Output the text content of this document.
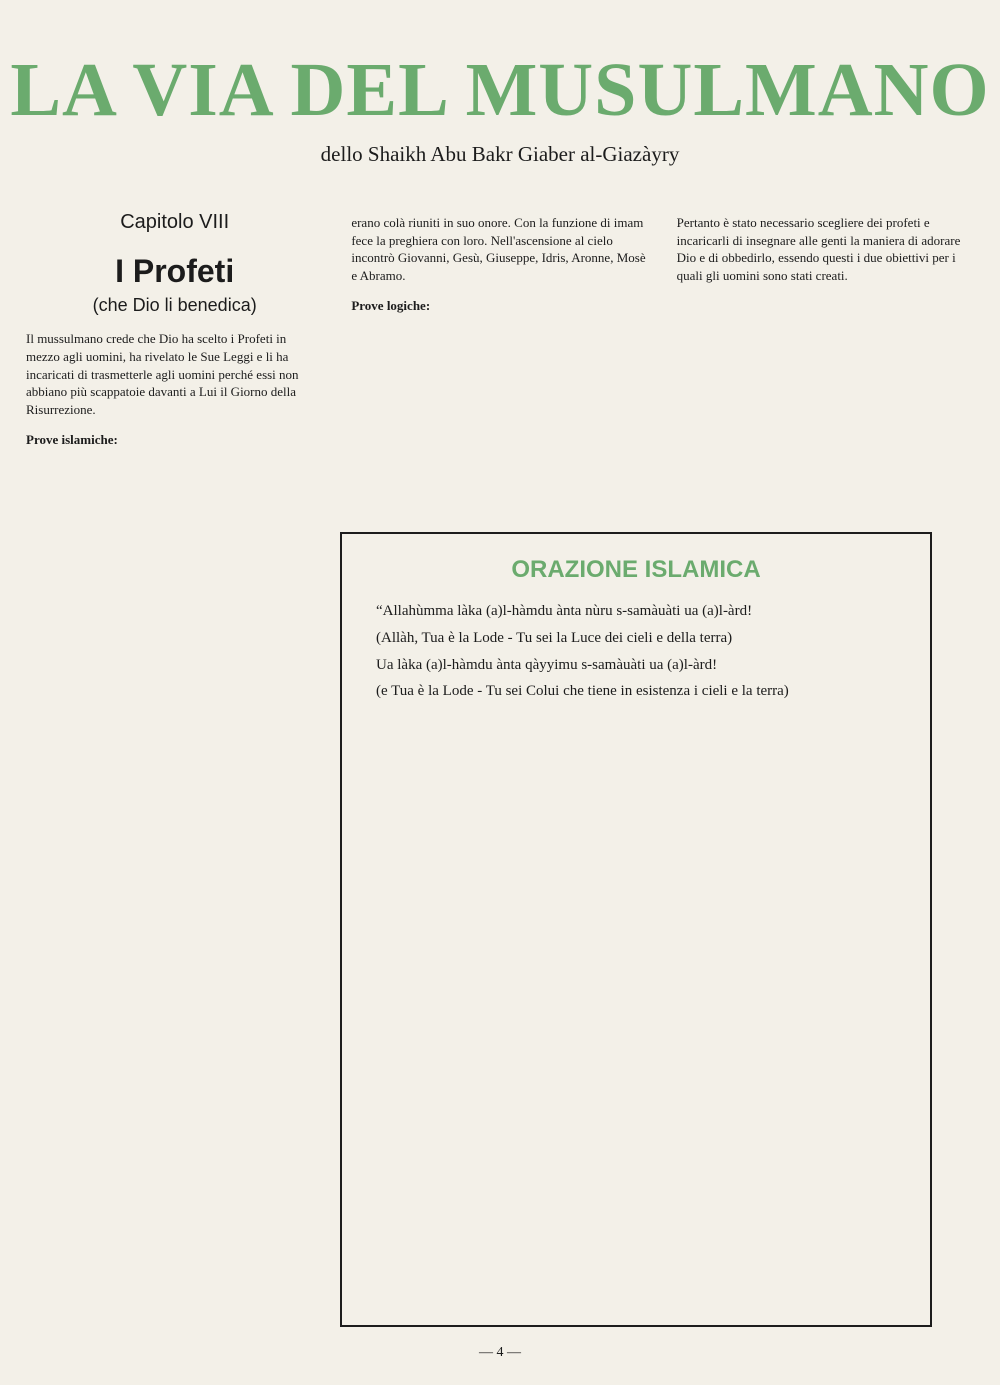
LA VIA DEL MUSULMANO

dello Shaikh Abu Bakr Giaber al-Giazàyry

Capitolo VIII
I Profeti
(che Dio li benedica)

Il mussulmano crede che Dio ha scelto i Profeti in mezzo agli uomini, ha rivelato le Sue Leggi e li ha incaricati di trasmetterle agli uomini perché essi non abbiano più scappatoie davanti a Lui il Giorno della Risurrezione.

Prove islamiche:

erano colà riuniti in suo onore. Con la funzione di imam fece la preghiera con loro. Nell'ascensione al cielo incontrò Giovanni, Gesù, Giuseppe, Idris, Aronne, Mosè e Abramo.

Prove logiche:

Pertanto è stato necessario scegliere dei profeti e incaricarli di insegnare alle genti la maniera di adorare Dio e di obbedirlo, essendo questi i due obiettivi per i quali gli uomini sono stati creati.

ORAZIONE ISLAMICA

“Allahùmma làka (a)l-hàmdu ànta nùru s-samàuàti ua (a)l-àrd!

(Allàh, Tua è la Lode - Tu sei la Luce dei cieli e della terra)

Ua làka (a)l-hàmdu ànta qàyyimu s-samàuàti ua (a)l-àrd!

(e Tua è la Lode - Tu sei Colui che tiene in esistenza i cieli e la terra)

— 4 —
